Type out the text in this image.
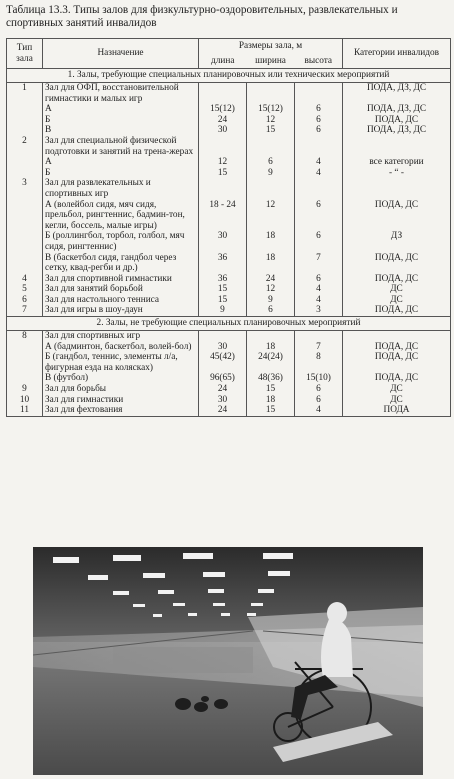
Таблица 13.3. Типы залов для физкультурно-оздоровительных, развлекательных и
спортивных занятий инвалидов
Тип зала	Назначение	Размеры зала, м			Категории инвалидов
		длина	ширина	высота	
1. Залы, требующие специальных планировочных или технических мероприятий					
1	Зал для ОФП, восстановительной гимнастики и малых игр				ПОДА, ДЗ, ДС
	А	15(12)	15(12)	6	ПОДА, ДЗ, ДС
	Б	24	12	6	ПОДА, ДС
	В	30	15	6	ПОДА, ДЗ, ДС
2	Зал для специальной физической подготовки и занятий на трена-жерах				
	А	12	6	4	все категории
	Б	15	9	4	- “ -
3	Зал для развлекательных и спортивных игр				
	А (волейбол сидя, мяч сидя, прельбол, рингтеннис, бадмин-тон, кегли, боссель, малые игры)	18 - 24	12	6	ПОДА, ДС
	Б (роллингбол, торбол, голбол, мяч сидя, рингтеннис)	30	18	6	ДЗ
	В (баскетбол сидя, гандбол через сетку, квад-регби и др.)	36	18	7	ПОДА, ДС
4	Зал для спортивной гимнастики	36	24	6	ПОДА, ДС
5	Зал для занятий борьбой	15	12	4	ДС
6	Зал для настольного тенниса	15	9	4	ДС
7	Зал для игры в шоу-даун	9	6	3	ПОДА, ДС
2. Залы, не требующие специальных планировочных мероприятий					
8	Зал для спортивных игр				
	А (бадминтон, баскетбол, волей-бол)	30	18	7	ПОДА, ДС
	Б (гандбол, теннис, элементы л/а, фигурная езда на колясках)	45(42)	24(24)	8	ПОДА, ДС
	В (футбол)	96(65)	48(36)	15(10)	ПОДА, ДС
9	Зал для борьбы	24	15	6	ДС
10	Зал для гимнастики	30	18	6	ДС
11	Зал для фехтования	24	15	4	ПОДА
